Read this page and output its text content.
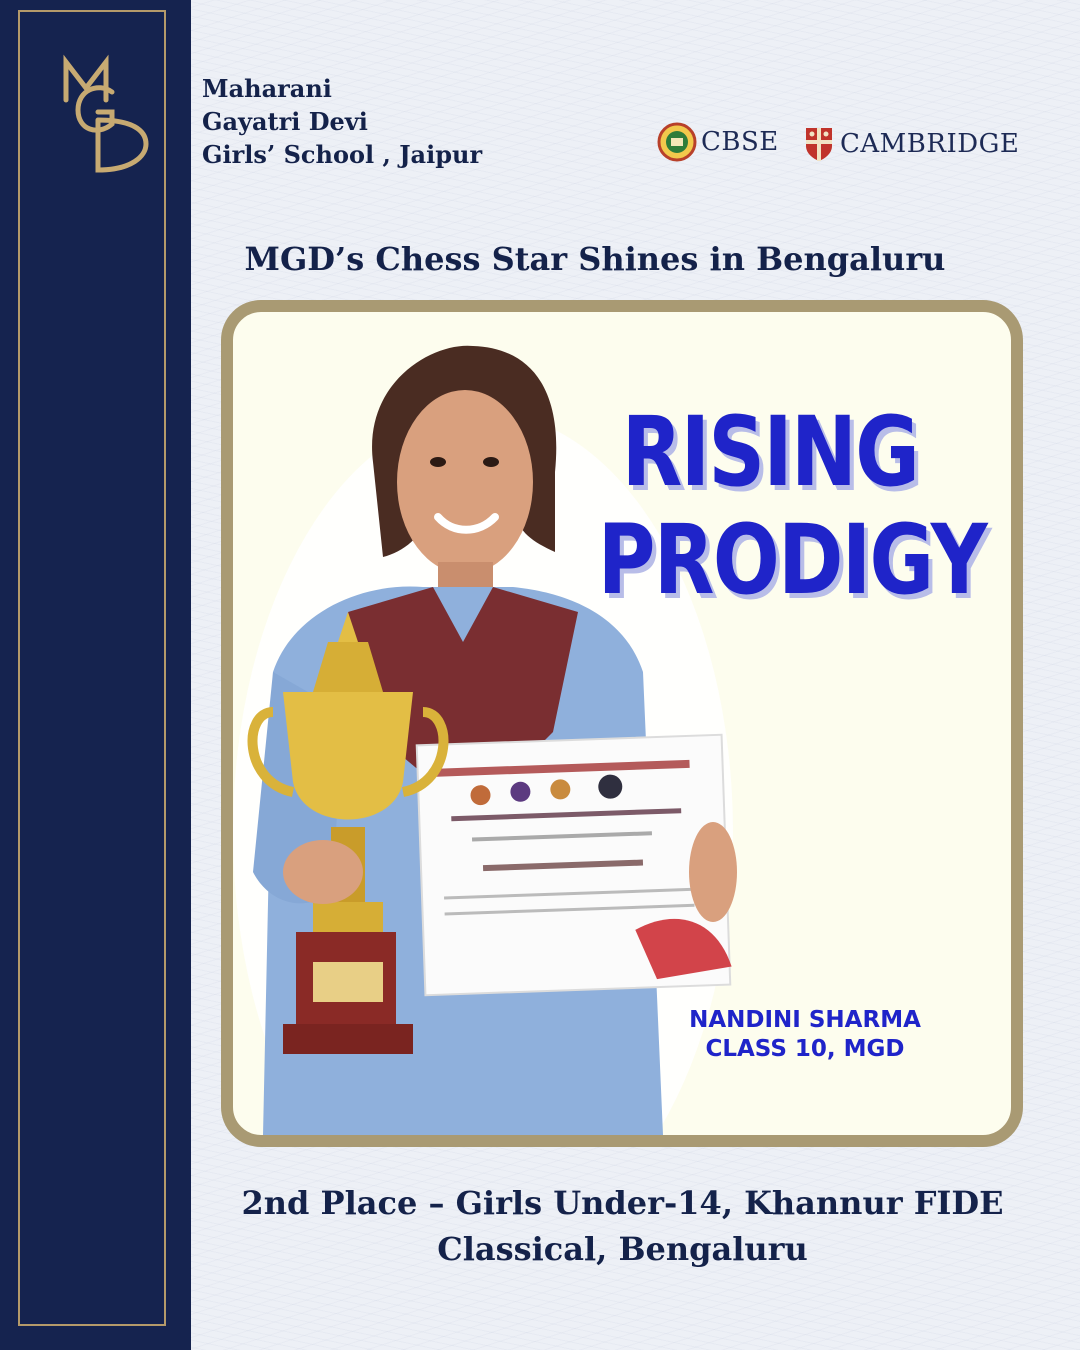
Maharani
Gayatri Devi
Girls’ School , Jaipur	CBSE CAMBRIDGE
MGD’s Chess Star Shines in Bengaluru
RISING
PRODIGY
NANDINI SHARMA
CLASS 10, MGD
2nd Place – Girls Under-14, Khannur FIDE
Classical, Bengaluru
